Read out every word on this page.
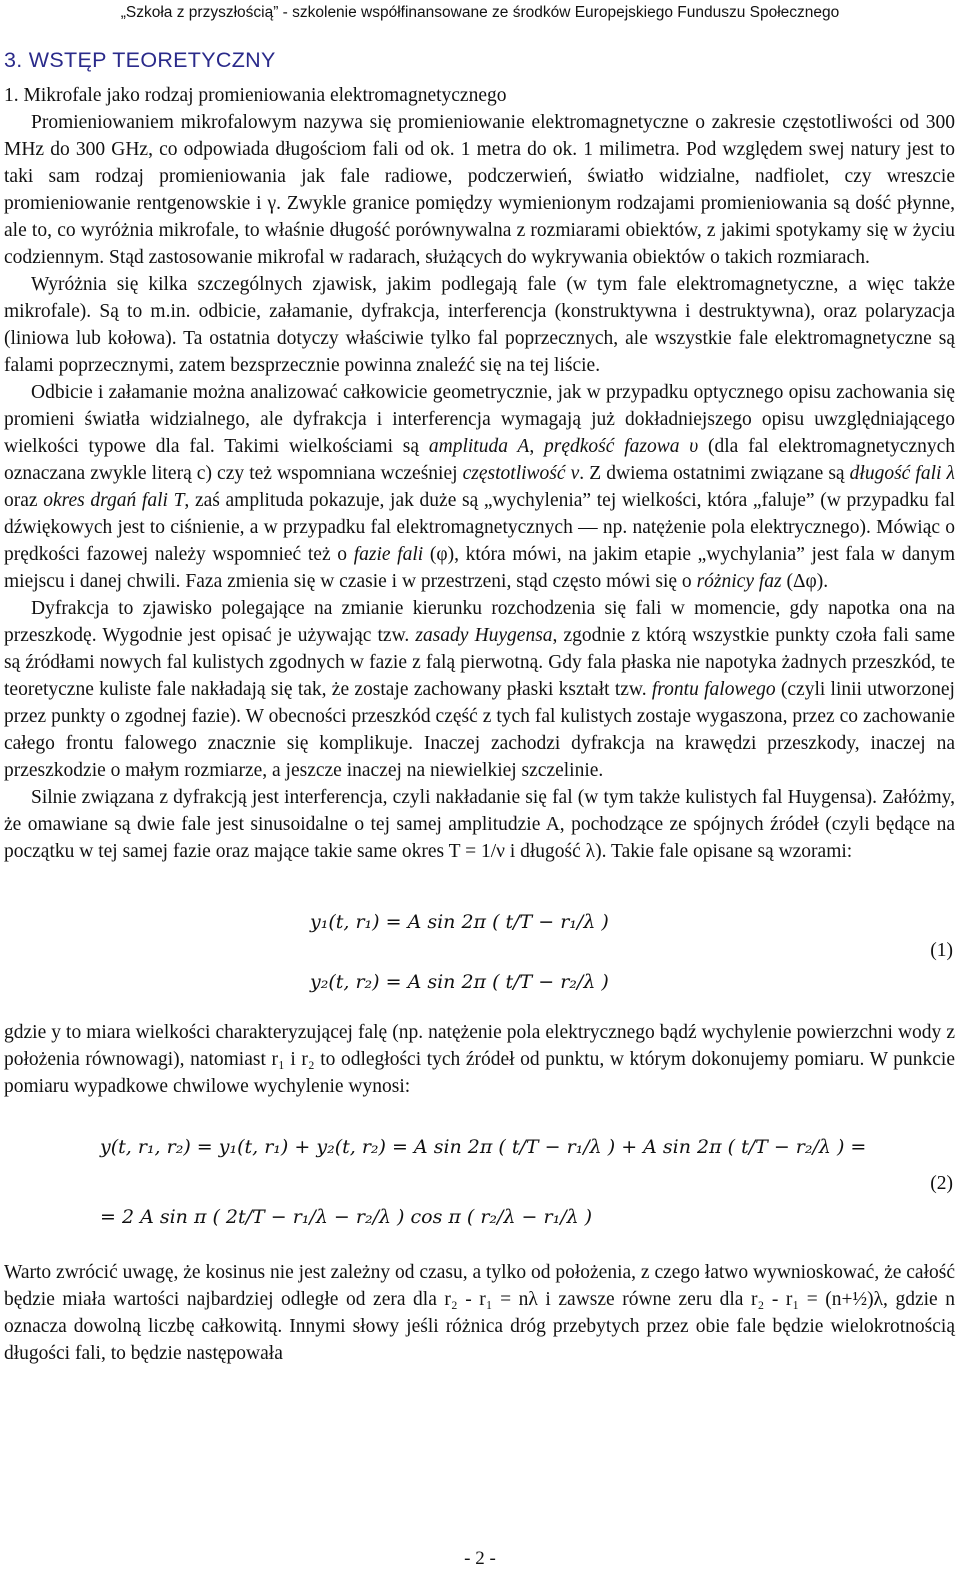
„Szkoła z przyszłością” - szkolenie współfinansowane ze środków Europejskiego Funduszu Społecznego
3. WSTĘP TEORETYCZNY
1. Mikrofale jako rodzaj promieniowania elektromagnetycznego

Promieniowaniem mikrofalowym nazywa się promieniowanie elektromagnetyczne o zakresie częstotliwości od 300 MHz do 300 GHz, co odpowiada długościom fali od ok. 1 metra do ok. 1 milimetra. Pod względem swej natury jest to taki sam rodzaj promieniowania jak fale radiowe, podczerwień, światło widzialne, nadfiolet, czy wreszcie promieniowanie rentgenowskie i γ. Zwykle granice pomiędzy wymienionym rodzajami promieniowania są dość płynne, ale to, co wyróżnia mikrofale, to właśnie długość porównywalna z rozmiarami obiektów, z jakimi spotykamy się w życiu codziennym. Stąd zastosowanie mikrofal w radarach, służących do wykrywania obiektów o takich rozmiarach.

Wyróżnia się kilka szczególnych zjawisk, jakim podlegają fale (w tym fale elektromagnetyczne, a więc także mikrofale). Są to m.in. odbicie, załamanie, dyfrakcja, interferencja (konstruktywna i destruktywna), oraz polaryzacja (liniowa lub kołowa). Ta ostatnia dotyczy właściwie tylko fal poprzecznych, ale wszystkie fale elektromagnetyczne są falami poprzecznymi, zatem bezsprzecznie powinna znaleźć się na tej liście.

Odbicie i załamanie można analizować całkowicie geometrycznie, jak w przypadku optycznego opisu zachowania się promieni światła widzialnego, ale dyfrakcja i interferencja wymagają już dokładniejszego opisu uwzględniającego wielkości typowe dla fal. Takimi wielkościami są amplituda A, prędkość fazowa υ (dla fal elektromagnetycznych oznaczana zwykle literą c) czy też wspomniana wcześniej częstotliwość ν. Z dwiema ostatnimi związane są długość fali λ oraz okres drgań fali T, zaś amplituda pokazuje, jak duże są „wychylenia” tej wielkości, która „faluje” (w przypadku fal dźwiękowych jest to ciśnienie, a w przypadku fal elektromagnetycznych — np. natężenie pola elektrycznego). Mówiąc o prędkości fazowej należy wspomnieć też o fazie fali (φ), która mówi, na jakim etapie „wychylania” jest fala w danym miejscu i danej chwili. Faza zmienia się w czasie i w przestrzeni, stąd często mówi się o różnicy faz (Δφ).

Dyfrakcja to zjawisko polegające na zmianie kierunku rozchodzenia się fali w momencie, gdy napotka ona na przeszkodę. Wygodnie jest opisać je używając tzw. zasady Huygensa, zgodnie z którą wszystkie punkty czoła fali same są źródłami nowych fal kulistych zgodnych w fazie z falą pierwotną. Gdy fala płaska nie napotyka żadnych przeszkód, te teoretyczne kuliste fale nakładają się tak, że zostaje zachowany płaski kształt tzw. frontu falowego (czyli linii utworzonej przez punkty o zgodnej fazie). W obecności przeszkód część z tych fal kulistych zostaje wygaszona, przez co zachowanie całego frontu falowego znacznie się komplikuje. Inaczej zachodzi dyfrakcja na krawędzi przeszkody, inaczej na przeszkodzie o małym rozmiarze, a jeszcze inaczej na niewielkiej szczelinie.

Silnie związana z dyfrakcją jest interferencja, czyli nakładanie się fal (w tym także kulistych fal Huygensa). Załóżmy, że omawiane są dwie fale jest sinusoidalne o tej samej amplitudzie A, pochodzące ze spójnych źródeł (czyli będące na początku w tej samej fazie oraz mające takie same okres T = 1/ν i długość λ). Takie fale opisane są wzorami:

y₁(t, r₁) = A sin 2π ( t/T − r₁/λ )
y₂(t, r₂) = A sin 2π ( t/T − r₂/λ )
(1)

gdzie y to miara wielkości charakteryzującej falę (np. natężenie pola elektrycznego bądź wychylenie powierzchni wody z położenia równowagi), natomiast r₁ i r₂ to odległości tych źródeł od punktu, w którym dokonujemy pomiaru. W punkcie pomiaru wypadkowe chwilowe wychylenie wynosi:

y(t, r₁, r₂) = y₁(t, r₁) + y₂(t, r₂) = A sin 2π ( t/T − r₁/λ ) + A sin 2π ( t/T − r₂/λ ) =
= 2 A sin π ( 2t/T − r₁/λ − r₂/λ ) cos π ( r₂/λ − r₁/λ )
(2)

Warto zwrócić uwagę, że kosinus nie jest zależny od czasu, a tylko od położenia, z czego łatwo wywnioskować, że całość będzie miała wartości najbardziej odległe od zera dla r₂ - r₁ = nλ i zawsze równe zeru dla r₂ - r₁ = (n+½)λ, gdzie n oznacza dowolną liczbę całkowitą. Innymi słowy jeśli różnica dróg przebytych przez obie fale będzie wielokrotnością długości fali, to będzie następowała

- 2 -
